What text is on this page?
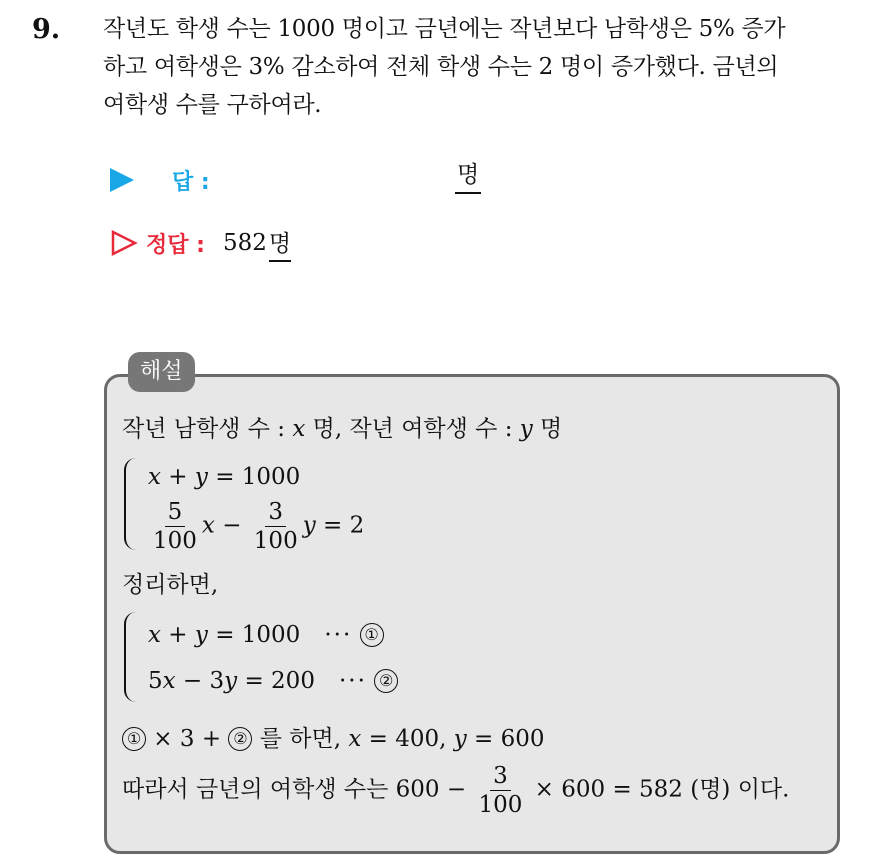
9. 작년도 학생 수는 1000 명이고 금년에는 작년보다 남학생은 5% 증가
하고 여학생은 3% 감소하여 전체 학생 수는 2 명이 증가했다. 금년의
여학생 수를 구하여라.
답 :	명
정답 : 582 명
해설
작년 남학생 수 : x 명, 작년 여학생 수 : y 명
x + y = 1000
$\frac{5}{100}$ $x - \frac{3}{100}$ y = 2
정리하면,
x + y = 1000 ··· ①
5x − 3y = 200 ··· ②
① × 3 + ② 를 하면, x = 400, y = 600
따라서 금년의 여학생 수는 $600 - \frac{3}{100} \times 600 = 582$ (명) 이다.
